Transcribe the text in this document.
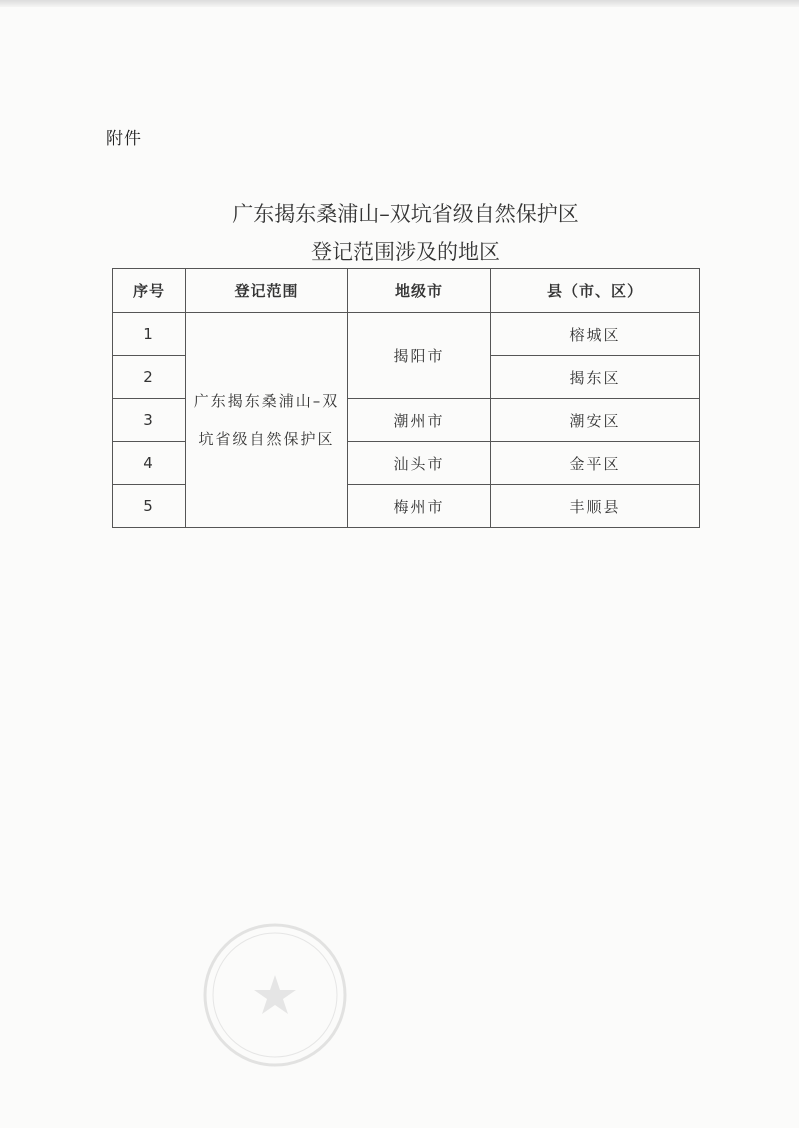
附件
广东揭东桑浦山–双坑省级自然保护区
登记范围涉及的地区
序号	登记范围	地级市	县（市、区）
1	广东揭东桑浦山–双坑省级自然保护区	揭阳市	榕城区
2			揭东区
3		潮州市	潮安区
4		汕头市	金平区
5		梅州市	丰顺县
